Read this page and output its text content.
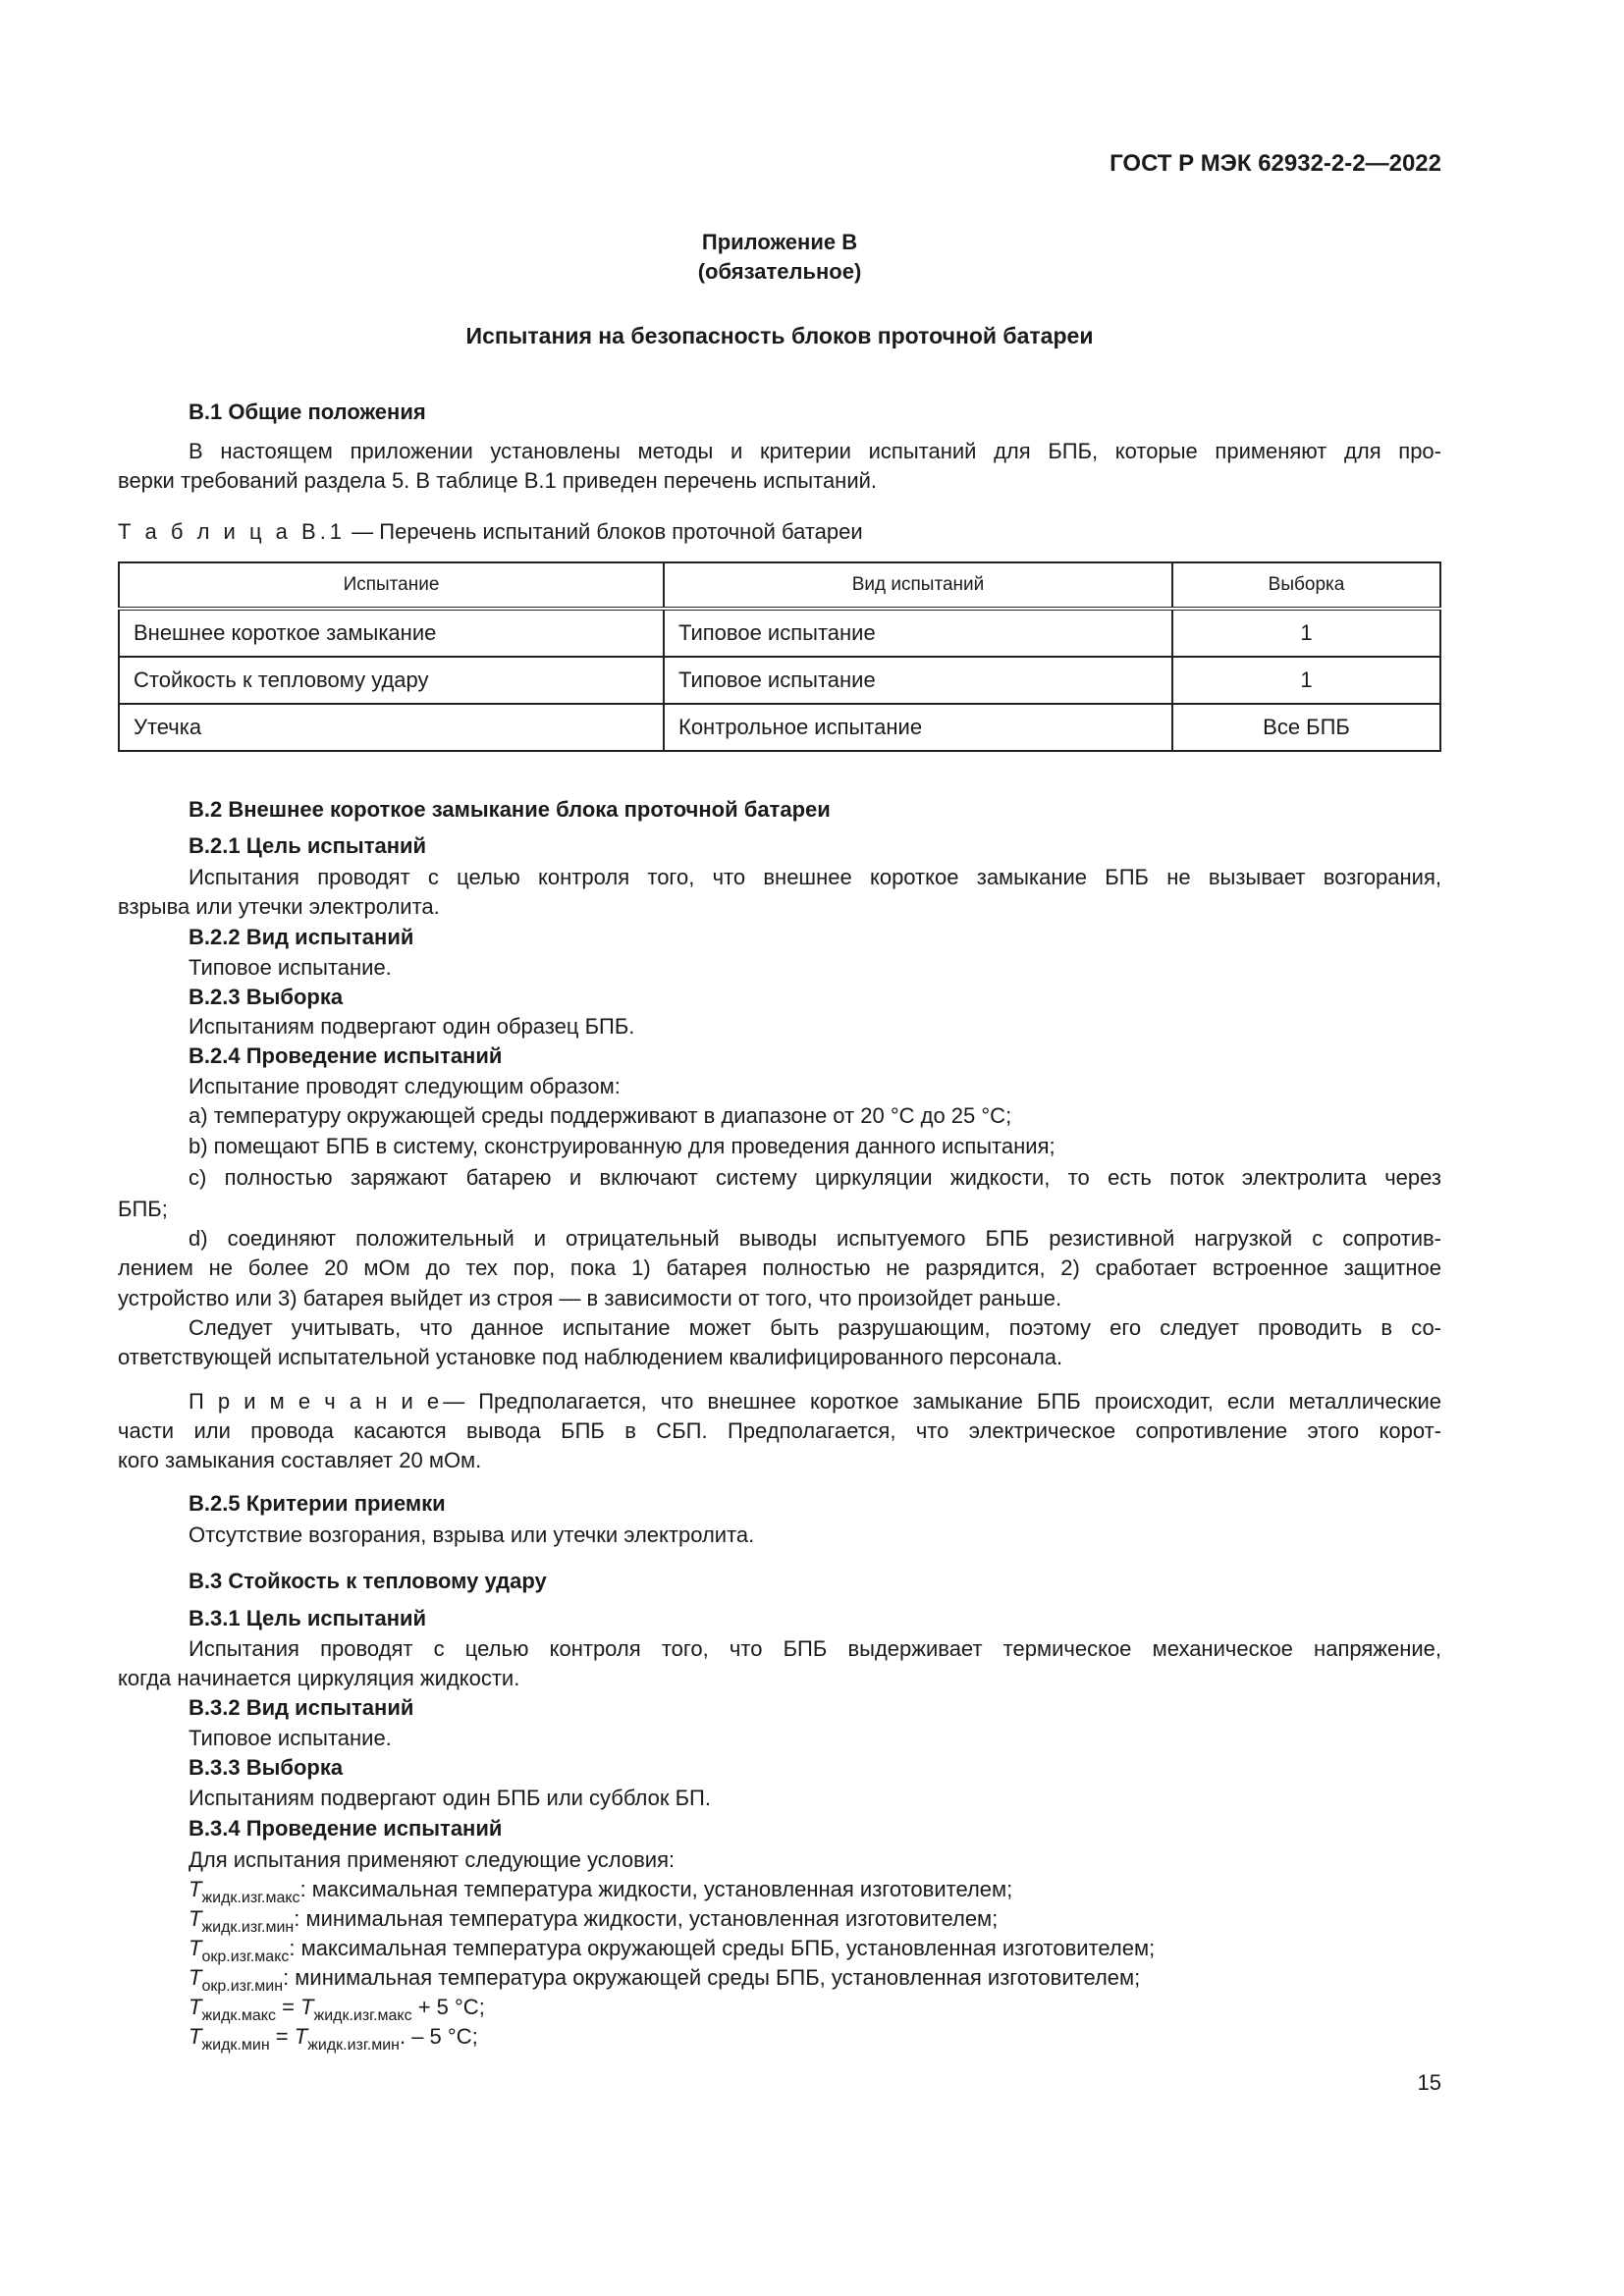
ГОСТ Р МЭК 62932-2-2—2022
Приложение В
(обязательное)
Испытания на безопасность блоков проточной батареи
В.1 Общие положения
В настоящем приложении установлены методы и критерии испытаний для БПБ, которые применяют для про-
верки требований раздела 5. В таблице В.1 приведен перечень испытаний.
Т а б л и ц а В.1 — Перечень испытаний блоков проточной батареи
Испытание	Вид испытаний	Выборка
Внешнее короткое замыкание	Типовое испытание	1
Стойкость к тепловому удару	Типовое испытание	1
Утечка	Контрольное испытание	Все БПБ
В.2 Внешнее короткое замыкание блока проточной батареи
В.2.1 Цель испытаний
Испытания проводят с целью контроля того, что внешнее короткое замыкание БПБ не вызывает возгорания,
взрыва или утечки электролита.
В.2.2 Вид испытаний
Типовое испытание.
В.2.3 Выборка
Испытаниям подвергают один образец БПБ.
В.2.4 Проведение испытаний
Испытание проводят следующим образом:
a) температуру окружающей среды поддерживают в диапазоне от 20 °С до 25 °С;
b) помещают БПБ в систему, сконструированную для проведения данного испытания;
c) полностью заряжают батарею и включают систему циркуляции жидкости, то есть поток электролита через
БПБ;
d) соединяют положительный и отрицательный выводы испытуемого БПБ резистивной нагрузкой с сопротив-
лением не более 20 мОм до тех пор, пока 1) батарея полностью не разрядится, 2) сработает встроенное защитное
устройство или 3) батарея выйдет из строя — в зависимости от того, что произойдет раньше.
Следует учитывать, что данное испытание может быть разрушающим, поэтому его следует проводить в со-
ответствующей испытательной установке под наблюдением квалифицированного персонала.
П р и м е ч а н и е — Предполагается, что внешнее короткое замыкание БПБ происходит, если металлические
части или провода касаются вывода БПБ в СБП. Предполагается, что электрическое сопротивление этого корот-
кого замыкания составляет 20 мОм.
В.2.5 Критерии приемки
Отсутствие возгорания, взрыва или утечки электролита.
В.3 Стойкость к тепловому удару
В.3.1 Цель испытаний
Испытания проводят с целью контроля того, что БПБ выдерживает термическое механическое напряжение,
когда начинается циркуляция жидкости.
В.3.2 Вид испытаний
Типовое испытание.
В.3.3 Выборка
Испытаниям подвергают один БПБ или субблок БП.
В.3.4 Проведение испытаний
Для испытания применяют следующие условия:
$T_{жидк.изг.макс}$: максимальная температура жидкости, установленная изготовителем;
$T_{жидк.изг.мин}$: минимальная температура жидкости, установленная изготовителем;
$T_{окр.изг.макс}$: максимальная температура окружающей среды БПБ, установленная изготовителем;
$T_{окр.изг.мин}$: минимальная температура окружающей среды БПБ, установленная изготовителем;
$T_{жидк.макс} = T_{жидк.изг.макс} + 5$ °С;
$T_{жидк.мин} = T_{жидк.изг.мин}$. – 5 °С;
15
